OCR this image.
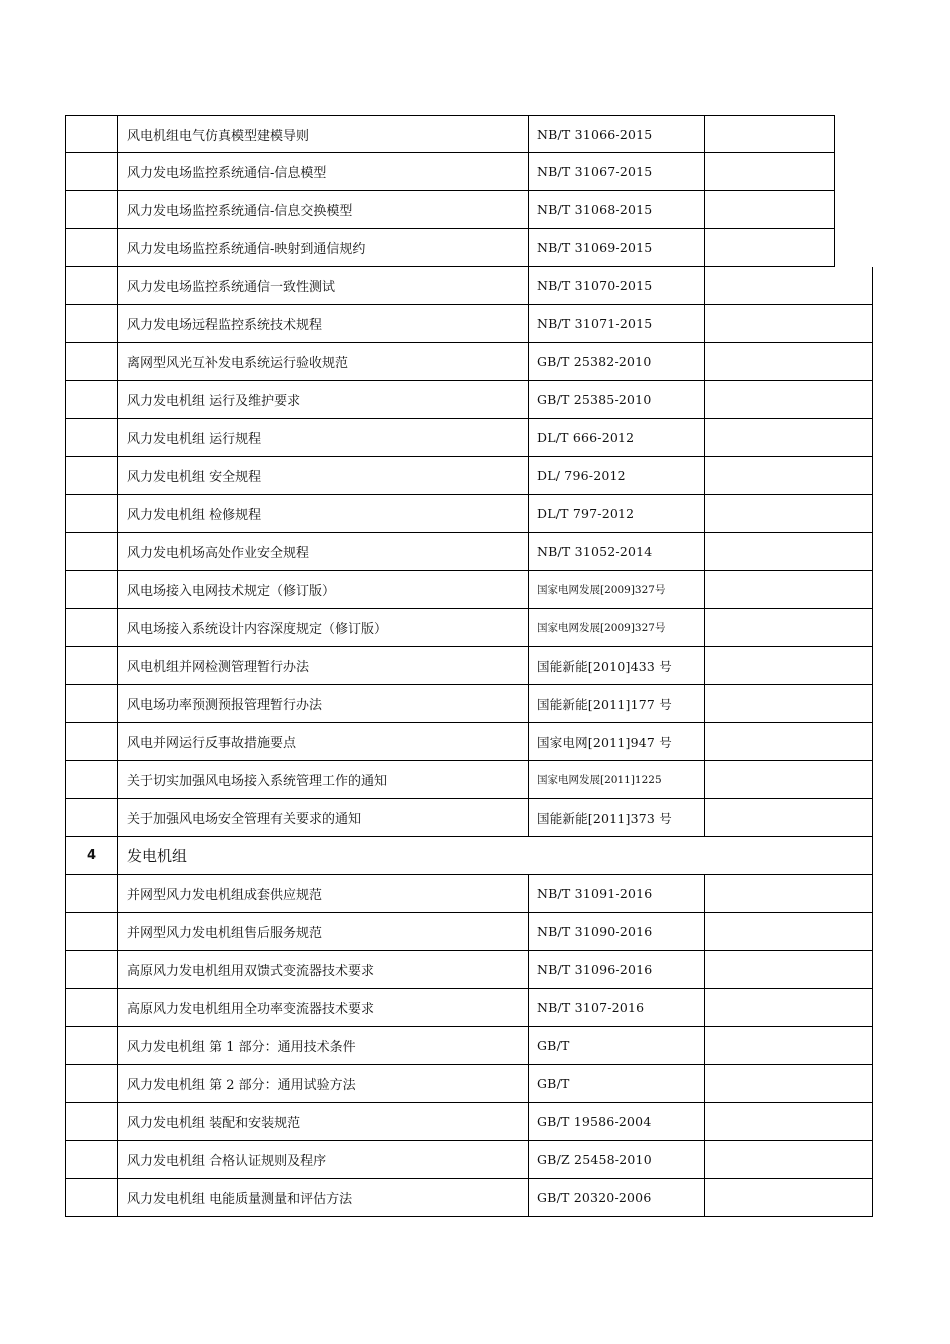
风电机组电气仿真模型建模导则	NB/T 31066-2015
风力发电场监控系统通信-信息模型	NB/T 31067-2015
风力发电场监控系统通信-信息交换模型	NB/T 31068-2015
风力发电场监控系统通信-映射到通信规约	NB/T 31069-2015
风力发电场监控系统通信一致性测试	NB/T 31070-2015
风力发电场远程监控系统技术规程	NB/T 31071-2015
离网型风光互补发电系统运行验收规范	GB/T 25382-2010
风力发电机组 运行及维护要求	GB/T 25385-2010
风力发电机组 运行规程	DL/T 666-2012
风力发电机组 安全规程	DL/ 796-2012
风力发电机组 检修规程	DL/T 797-2012
风力发电机场高处作业安全规程	NB/T 31052-2014
风电场接入电网技术规定（修订版）	国家电网发展[2009]327号
风电场接入系统设计内容深度规定（修订版）	国家电网发展[2009]327号
风电机组并网检测管理暂行办法	国能新能[2010]433 号
风电场功率预测预报管理暂行办法	国能新能[2011]177 号
风电并网运行反事故措施要点	国家电网[2011]947 号
关于切实加强风电场接入系统管理工作的通知	国家电网发展[2011]1225
关于加强风电场安全管理有关要求的通知	国能新能[2011]373 号
4	发电机组
并网型风力发电机组成套供应规范	NB/T 31091-2016
并网型风力发电机组售后服务规范	NB/T 31090-2016
高原风力发电机组用双馈式变流器技术要求	NB/T 31096-2016
高原风力发电机组用全功率变流器技术要求	NB/T 3107-2016
风力发电机组 第 1 部分：通用技术条件	GB/T
风力发电机组 第 2 部分：通用试验方法	GB/T
风力发电机组 装配和安装规范	GB/T 19586-2004
风力发电机组 合格认证规则及程序	GB/Z 25458-2010
风力发电机组 电能质量测量和评估方法	GB/T 20320-2006
